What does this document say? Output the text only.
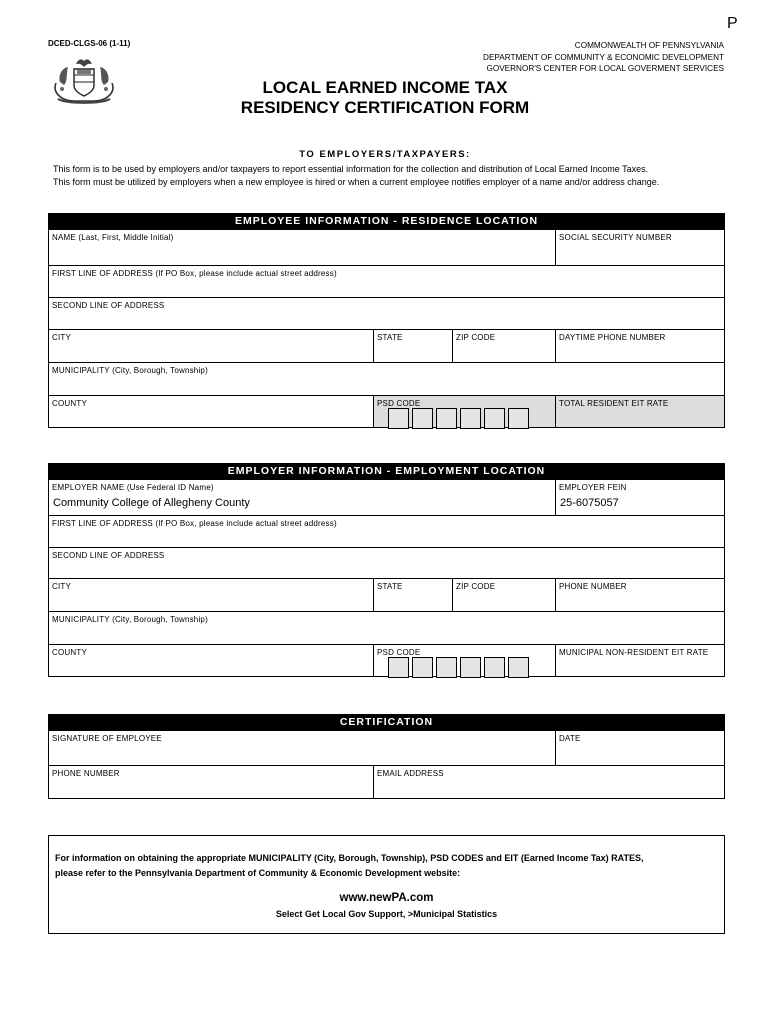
P
DCED-CLGS-06 (1-11)	COMMONWEALTH OF PENNSYLVANIA
DEPARTMENT OF COMMUNITY & ECONOMIC DEVELOPMENT
GOVERNOR'S CENTER FOR LOCAL GOVERMENT SERVICES
LOCAL EARNED INCOME TAX
RESIDENCY CERTIFICATION FORM
TO EMPLOYERS/TAXPAYERS:
This form is to be used by employers and/or taxpayers to report essential information for the collection and distribution of Local Earned Income Taxes.
This form must be utilized by employers when a new employee is hired or when a current employee notifies employer of a name and/or address change.
EMPLOYEE INFORMATION - RESIDENCE LOCATION
NAME (Last, First, Middle Initial)	SOCIAL SECURITY NUMBER
FIRST LINE OF ADDRESS (If PO Box, please include actual street address)
SECOND LINE OF ADDRESS
CITY	STATE	ZIP CODE	DAYTIME PHONE NUMBER
MUNICIPALITY (City, Borough, Township)
COUNTY	PSD CODE	TOTAL RESIDENT EIT RATE
EMPLOYER INFORMATION - EMPLOYMENT LOCATION
EMPLOYER NAME (Use Federal ID Name)
Community College of Allegheny County
EMPLOYER FEIN
25-6075057
FIRST LINE OF ADDRESS (If PO Box, please include actual street address)
SECOND LINE OF ADDRESS
CITY	STATE	ZIP CODE	PHONE NUMBER
MUNICIPALITY (City, Borough, Township)
COUNTY	PSD CODE	MUNICIPAL NON-RESIDENT EIT RATE
CERTIFICATION
SIGNATURE OF EMPLOYEE	DATE
PHONE NUMBER	EMAIL ADDRESS
For information on obtaining the appropriate MUNICIPALITY (City, Borough, Township), PSD CODES and EIT (Earned Income Tax) RATES,
please refer to the Pennsylvania Department of Community & Economic Development website:
www.newPA.com
Select Get Local Gov Support, >Municipal Statistics
